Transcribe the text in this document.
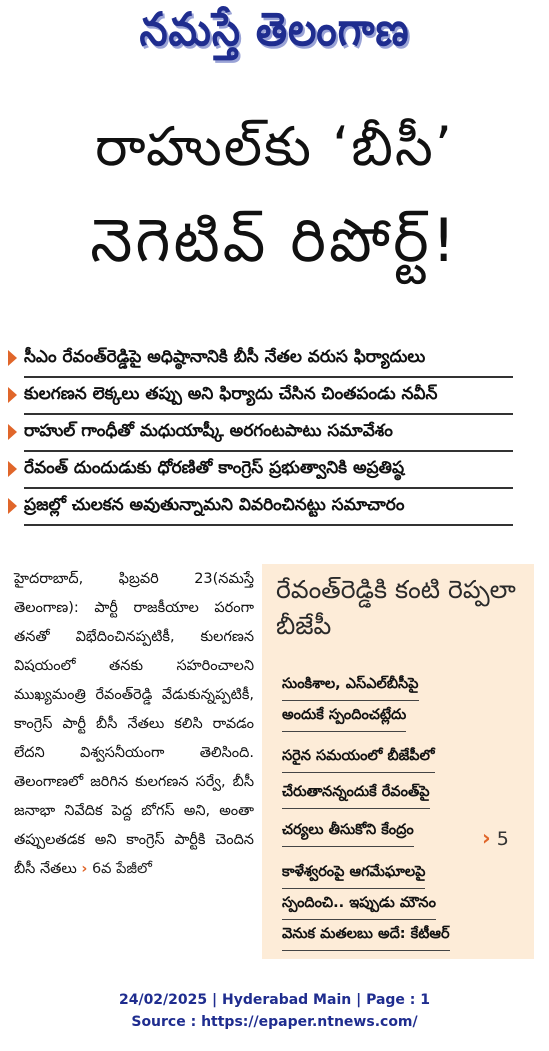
నమస్తే తెలంగాణ
రాహుల్‌కు ‘బీసీ’
నెగెటివ్ రిపోర్ట్!
సీఎం రేవంత్‌రెడ్డిపై అధిష్ఠానానికి బీసీ నేతల వరుస ఫిర్యాదులు
కులగణన లెక్కలు తప్పు అని ఫిర్యాదు చేసిన చింతపండు నవీన్
రాహుల్ గాంధీతో మధుయాష్కీ అరగంటపాటు సమావేశం
రేవంత్ దుందుడుకు ధోరణితో కాంగ్రెస్ ప్రభుత్వానికి అప్రతిష్ఠ
ప్రజల్లో చులకన అవుతున్నామని వివరించినట్టు సమాచారం

హైదరాబాద్, ఫిబ్రవరి 23(నమస్తే తెలంగాణ): పార్టీ రాజకీయాల పరంగా తనతో విభేదించినప్పటికీ, కులగణన విషయంలో తనకు సహరించాలని ముఖ్యమంత్రి రేవంత్‌రెడ్డి వేడుకున్నప్పటికీ, కాంగ్రెస్ పార్టీ బీసీ నేతలు కలిసి రావడం లేదని విశ్వసనీయంగా తెలిసింది. తెలంగాణలో జరిగిన కులగణన సర్వే, బీసీ జనాభా నివేదిక పెద్ద బోగస్ అని, అంతా తప్పులతడక అని కాంగ్రెస్ పార్టీకి చెందిన బీసీ నేతలు › 6వ పేజీలో

రేవంత్‌రెడ్డికి కంటి రెప్పలా బీజేపీ
సుంకిశాల, ఎస్‌ఎల్‌బీసీపై
అందుకే స్పందించట్లేదు
సరైన సమయంలో బీజేపీలో
చేరుతానన్నందుకే రేవంత్‌పై
చర్యలు తీసుకోని కేంద్రం	› 5
కాళేశ్వరంపై ఆగమేఘాలపై
స్పందించి.. ఇప్పుడు మౌనం
వెనుక మతలబు అదే: కేటీఆర్
24/02/2025 | Hyderabad Main | Page : 1
Source : https://epaper.ntnews.com/
